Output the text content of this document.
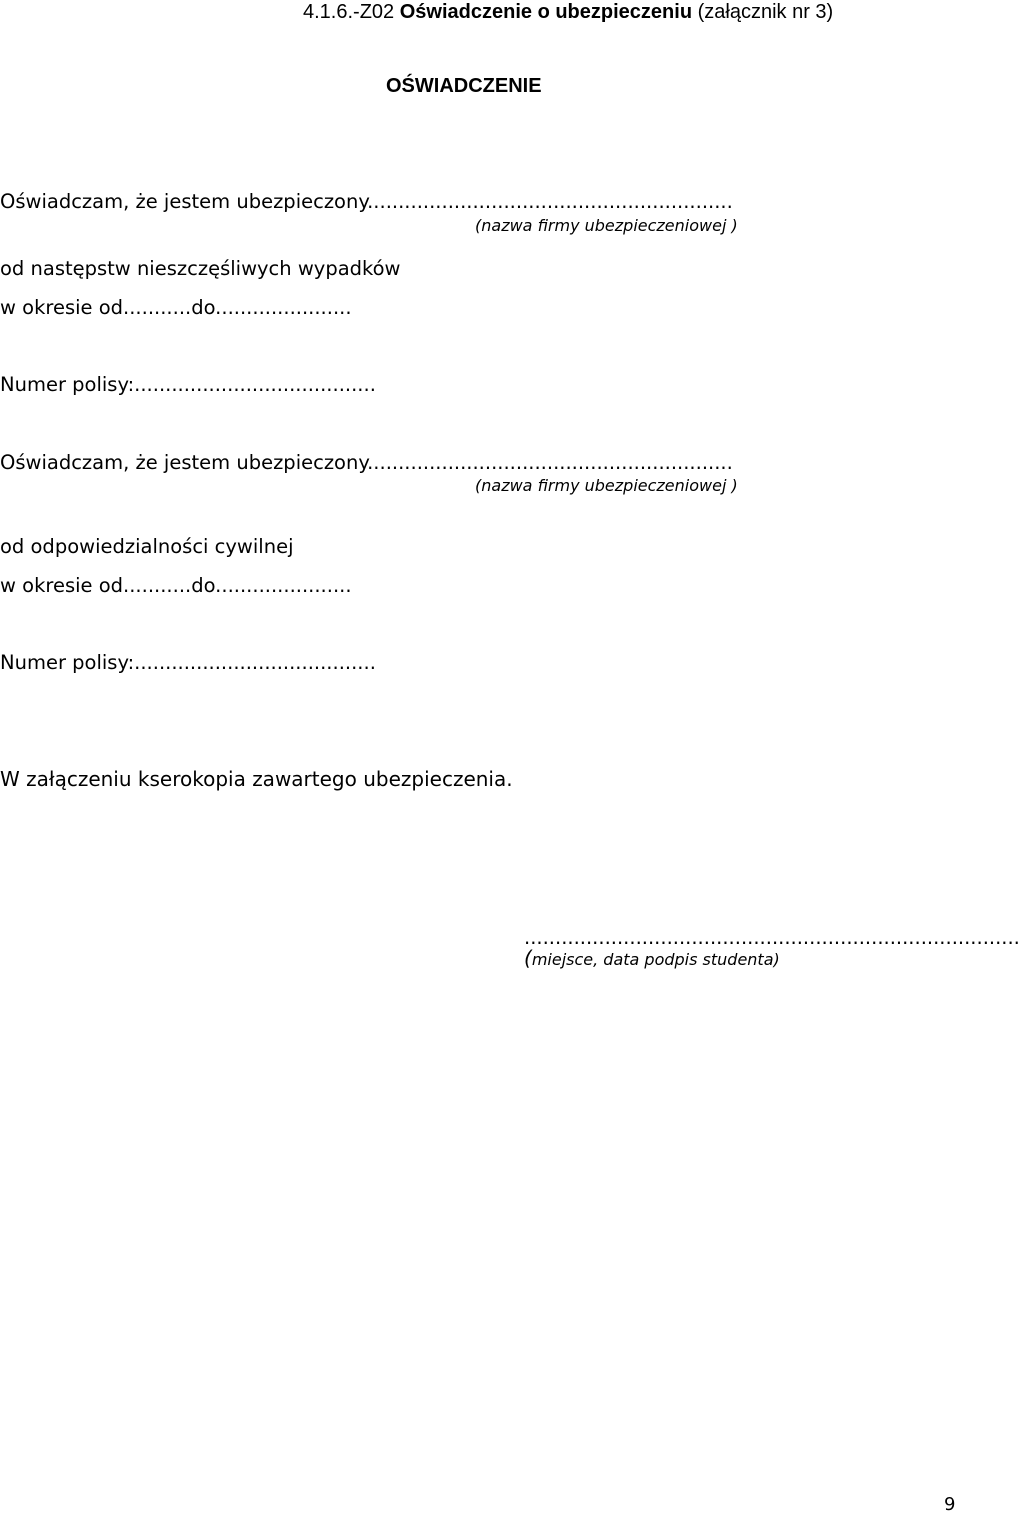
4.1.6.-Z02 Oświadczenie o ubezpieczeniu (załącznik nr 3)
OŚWIADCZENIE
Oświadczam, że jestem ubezpieczony...........................................................
(nazwa firmy ubezpieczeniowej )
od następstw nieszczęśliwych wypadków
w okresie od...........do......................
Numer polisy:.......................................
Oświadczam, że jestem ubezpieczony...........................................................
(nazwa firmy ubezpieczeniowej )
od odpowiedzialności cywilnej
w okresie od...........do......................
Numer polisy:.......................................
W załączeniu kserokopia zawartego ubezpieczenia.
................................................................................
(miejsce, data podpis studenta)
9
